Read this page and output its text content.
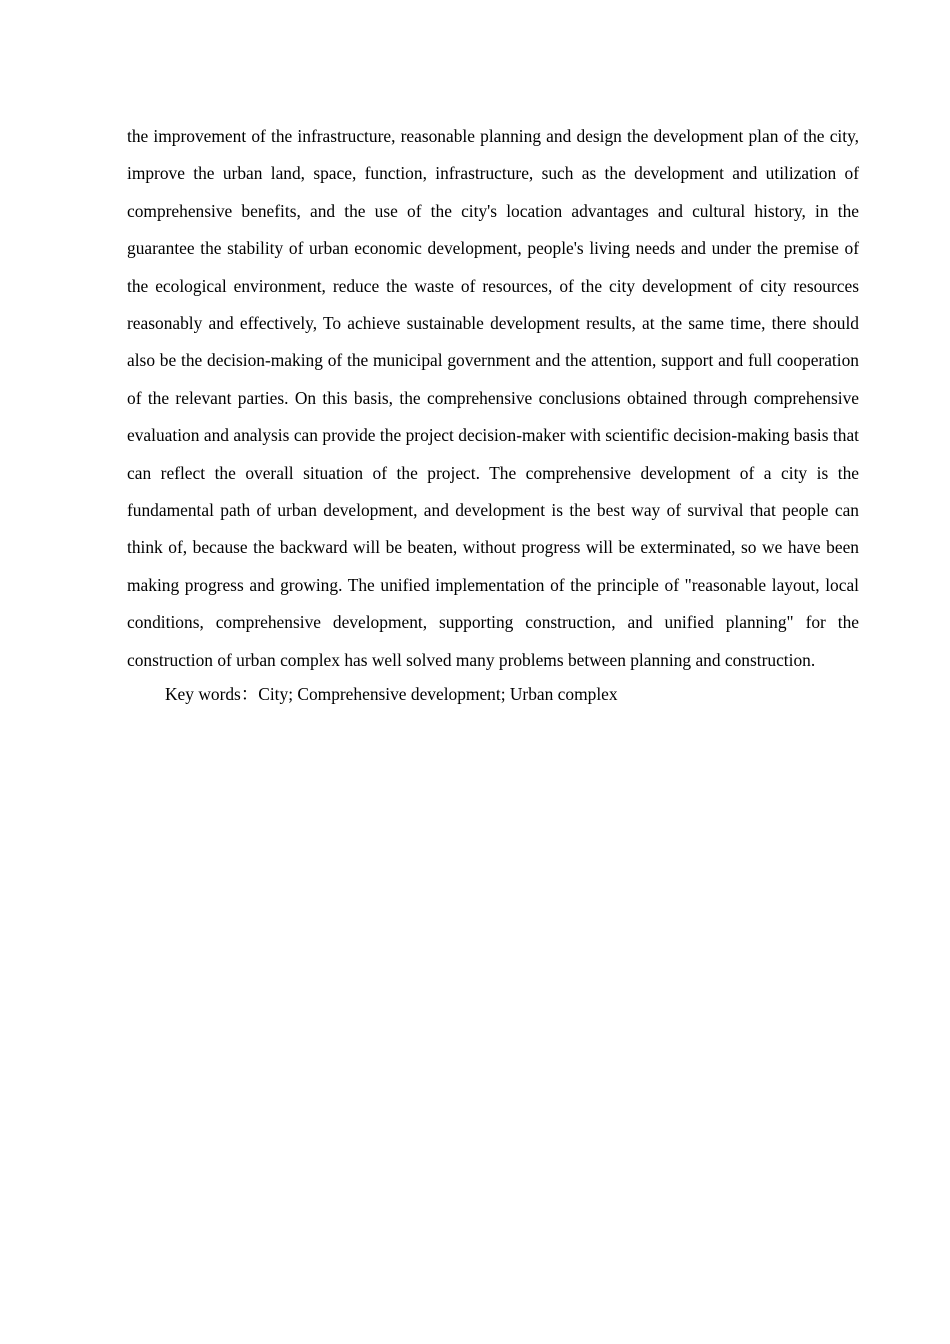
the improvement of the infrastructure, reasonable planning and design the development plan of the city, improve the urban land, space, function, infrastructure, such as the development and utilization of comprehensive benefits, and the use of the city's location advantages and cultural history, in the guarantee the stability of urban economic development, people's living needs and under the premise of the ecological environment, reduce the waste of resources, of the city development of city resources reasonably and effectively, To achieve sustainable development results, at the same time, there should also be the decision-making of the municipal government and the attention, support and full cooperation of the relevant parties. On this basis, the comprehensive conclusions obtained through comprehensive evaluation and analysis can provide the project decision-maker with scientific decision-making basis that can reflect the overall situation of the project. The comprehensive development of a city is the fundamental path of urban development, and development is the best way of survival that people can think of, because the backward will be beaten, without progress will be exterminated, so we have been making progress and growing. The unified implementation of the principle of "reasonable layout, local conditions, comprehensive development, supporting construction, and unified planning" for the construction of urban complex has well solved many problems between planning and construction.

Key words：City; Comprehensive development; Urban complex
